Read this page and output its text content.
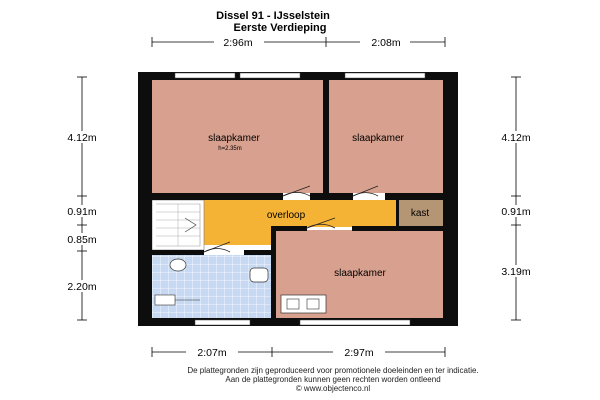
Dissel 91 - IJsselstein
Eerste Verdieping
2:96m	2:08m
2:07m	2:97m
4.12m
0.91m
0.85m
2.20m
4.12m
0.91m
3.19m
slaapkamer
h=2.35m
slaapkamer
overloop	kast
slaapkamer
De plattegronden zijn geproduceerd voor promotionele doeleinden en ter indicatie.
Aan de plattegronden kunnen geen rechten worden ontleend
© www.objectenco.nl
